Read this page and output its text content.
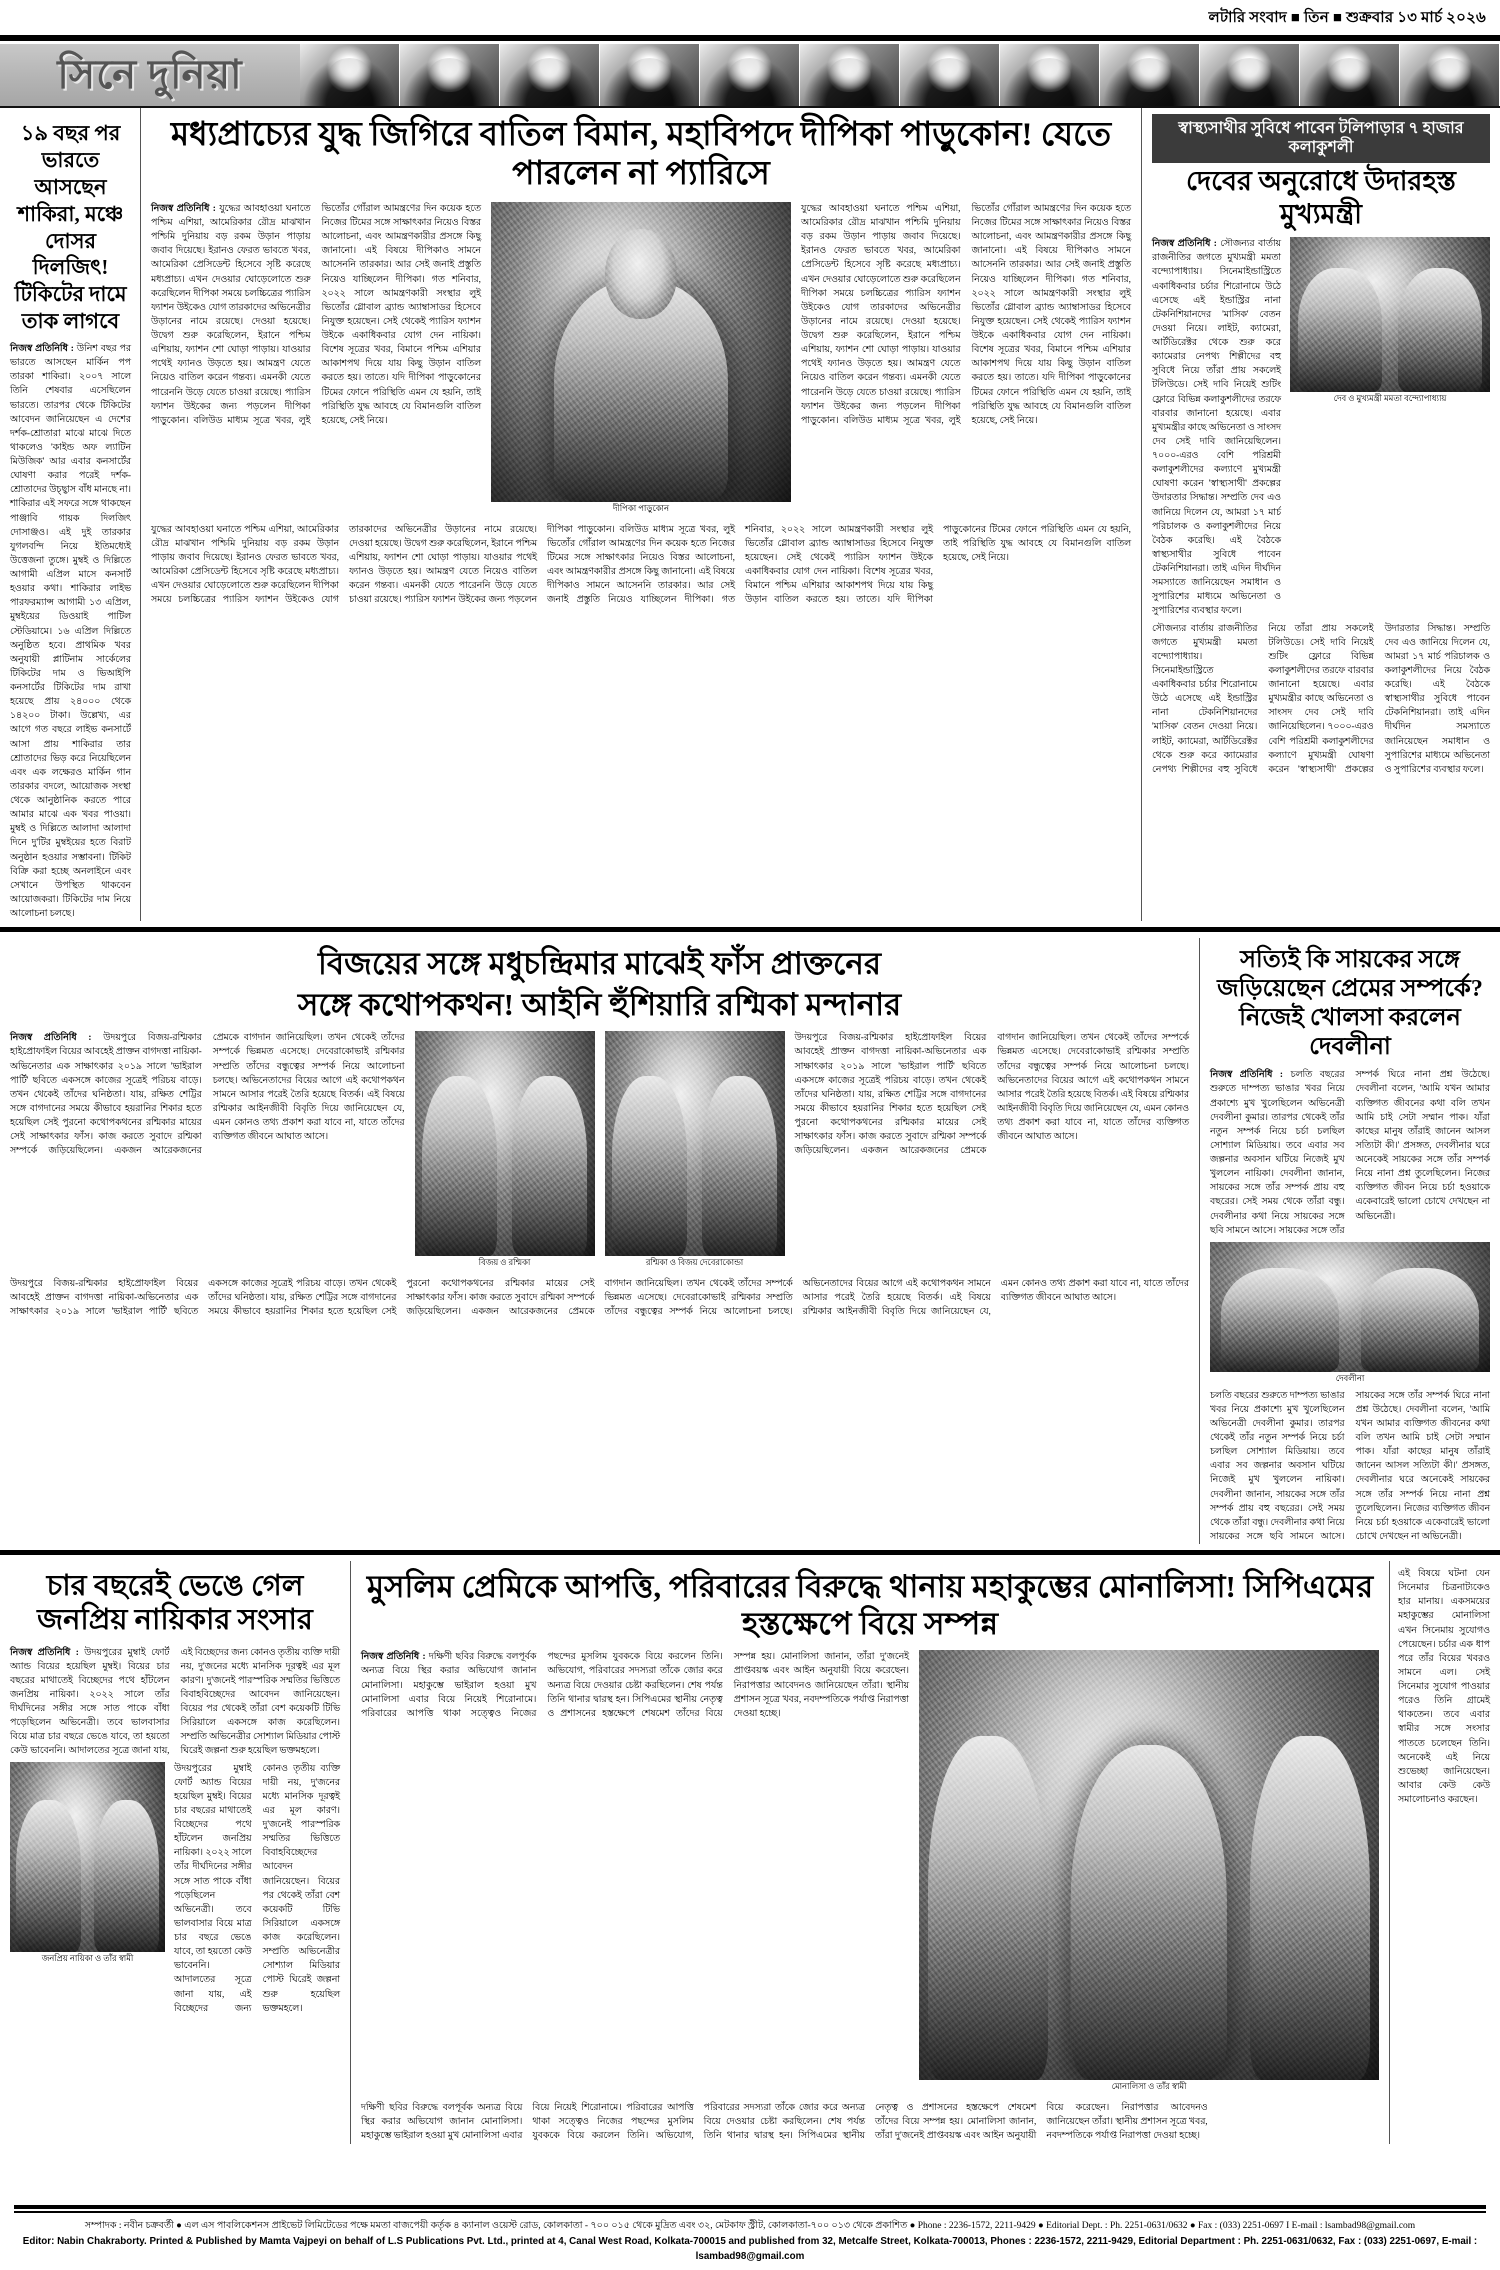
লটারি সংবাদ ■ তিন ■ শুক্রবার ১৩ মার্চ ২০২৬
সিনে দুনিয়া
১৯ বছর পর ভারতে আসছেন শাকিরা, মঞ্চে দোসর দিলজিৎ! টিকিটের দামে তাক লাগবে

নিজস্ব প্রতিনিধি : উনিশ বছর পর ভারতে আসছেন মার্কিন পপ তারকা শাকিরা। ২০০৭ সালে তিনি শেষবার এসেছিলেন ভারতে। তারপর থেকে টিকিটের আবেদন জানিয়েছেন এ দেশের দর্শক-শ্রোতারা মাঝে মাঝে দিতে থাকলেও 'কাইন্ড অফ ল্যাটিন মিউজিক' আর এবার কনসার্টের ঘোষণা করার পরেই দর্শক-শ্রোতাদের উচ্ছ্বাস বাঁধ মানছে না। শাকিরার এই সফরে সঙ্গে থাকছেন পাঞ্জাবি গায়ক দিলজিৎ দোসাঞ্জও। এই দুই তারকার যুগলবন্দি নিয়ে ইতিমধ্যেই উত্তেজনা তুঙ্গে। মুম্বই ও দিল্লিতে আগামী এপ্রিল মাসে কনসার্ট হওয়ার কথা। শাকিরার লাইভ পারফরম্যান্স আগামী ১৩ এপ্রিল, মুম্বইয়ের ডিওয়াই পাটিল স্টেডিয়ামে। ১৬ এপ্রিল দিল্লিতে অনুষ্ঠিত হবে। প্রাথমিক খবর অনুযায়ী প্লাটিনাম সার্কেলের টিকিটের দাম ও ভিআইপি কনসার্টের টিকিটের দাম রাখা হয়েছে প্রায় ২৪০০০ থেকে ১৪২০০ টাকা। উল্লেখ্য, এর আগে গত বছরে লাইভ কনসার্টে আসা প্রায় শাকিরার তার শ্রোতাদের ভিড় করে নিয়েছিলেন এবং এক লক্ষেরও মার্কিন গান তারকার বদলে, আয়োজক সংস্থা থেকে আনুষ্ঠানিক করতে পারে আমার মাঝে এক খবর পাওয়া। মুম্বই ও দিল্লিতে আলাদা আলাদা দিনে দু'টির মুম্বইয়ের হতে বিরাট অনুষ্ঠান হওয়ার সম্ভাবনা। টিকিট বিক্রি করা হচ্ছে অনলাইনে এবং সেখানে উপস্থিত থাকবেন আয়োজকরা। টিকিটের দাম নিয়ে আলোচনা চলছে।

মধ্যপ্রাচ্যের যুদ্ধ জিগিরে বাতিল বিমান, মহাবিপদে দীপিকা পাড়ুকোন! যেতে পারলেন না প্যারিসে

নিজস্ব প্রতিনিধি : যুদ্ধের আবহাওয়া ঘনাতে পশ্চিম এশিয়া, আমেরিকার রৌদ্র মাঝখান পশ্চিমি দুনিয়ায় বড় রকম উড়ান পাড়ায় জবাব দিয়েছে। ইরানও ফেরত ভাবতে খবর, আমেরিকা প্রেসিডেন্ট হিসেবে সৃষ্টি করেছে মধ্যপ্রাচ্য। এখন দেওয়ার ঘোড়েলোতে শুরু করেছিলেন দীপিকা সময়ে চলচ্চিত্রের প্যারিস ফ্যাশন উইকেও যোগ তারকাদের অভিনেত্রীর উড়ানের নামে রয়েছে। দেওয়া হয়েছে। উদ্বেগ শুরু করেছিলেন, ইরানে পশ্চিম এশিয়ায়, ফ্যাশন শো ঘোড়া পাড়ায়। যাওয়ার পথেই ফ্যানও উড়তে হয়। আমন্ত্রণ যেতে নিয়েও বাতিল করেন গন্তব্য। এমনকী যেতে পারেননি উড়ে যেতে চাওয়া রয়েছে। প্যারিস ফ্যাশন উইকের জন্য পড়লেন দীপিকা পাড়ুকোন। বলিউড মাধ্যম সূত্রে খবর, লুই ভিতোঁর গোঁরাল আমন্ত্রণের দিন কয়েক হতে নিজের টিমের সঙ্গে সাক্ষাৎকার নিয়েও বিস্তর আলোচনা, এবং আমন্ত্রণকারীর প্রসঙ্গে কিছু জানানো। এই বিষয়ে দীপিকাও সামনে আসেননি তারকার। আর সেই জনাই প্রস্তুতি নিয়েও যাচ্ছিলেন দীপিকা। গত শনিবার, ২০২২ সালে আমন্ত্রণকারী সংস্থার লুই ভিতোঁর গ্লোবাল ব্র্যান্ড অ্যাম্বাসাডর হিসেবে নিযুক্ত হয়েছেন। সেই থেকেই প্যারিস ফ্যাশন উইকে একাধিকবার যোগ দেন নায়িকা। বিশেষ সূত্রের খবর, বিমানে পশ্চিম এশিয়ার আকাশপথ দিয়ে যায় কিছু উড়ান বাতিল করতে হয়। তাতে। যদি দীপিকা পাড়ুকোনের টিমের ফোনে পরিস্থিতি এমন যে হয়নি, তাই পরিস্থিতি যুদ্ধ আবহে যে বিমানগুলি বাতিল হয়েছে, সেই নিয়ে।

দীপিকা পাড়ুকোন

যুদ্ধের আবহাওয়া ঘনাতে পশ্চিম এশিয়া, আমেরিকার রৌদ্র মাঝখান পশ্চিমি দুনিয়ায় বড় রকম উড়ান পাড়ায় জবাব দিয়েছে। ইরানও ফেরত ভাবতে খবর, আমেরিকা প্রেসিডেন্ট হিসেবে সৃষ্টি করেছে মধ্যপ্রাচ্য। এখন দেওয়ার ঘোড়েলোতে শুরু করেছিলেন দীপিকা সময়ে চলচ্চিত্রের প্যারিস ফ্যাশন উইকেও যোগ তারকাদের অভিনেত্রীর উড়ানের নামে রয়েছে। দেওয়া হয়েছে। উদ্বেগ শুরু করেছিলেন, ইরানে পশ্চিম এশিয়ায়, ফ্যাশন শো ঘোড়া পাড়ায়। যাওয়ার পথেই ফ্যানও উড়তে হয়। আমন্ত্রণ যেতে নিয়েও বাতিল করেন গন্তব্য। এমনকী যেতে পারেননি উড়ে যেতে চাওয়া রয়েছে। প্যারিস ফ্যাশন উইকের জন্য পড়লেন দীপিকা পাড়ুকোন। বলিউড মাধ্যম সূত্রে খবর, লুই ভিতোঁর গোঁরাল আমন্ত্রণের দিন কয়েক হতে নিজের টিমের সঙ্গে সাক্ষাৎকার নিয়েও বিস্তর আলোচনা, এবং আমন্ত্রণকারীর প্রসঙ্গে কিছু জানানো। এই বিষয়ে দীপিকাও সামনে আসেননি তারকার। আর সেই জনাই প্রস্তুতি নিয়েও যাচ্ছিলেন দীপিকা। গত শনিবার, ২০২২ সালে আমন্ত্রণকারী সংস্থার লুই ভিতোঁর গ্লোবাল ব্র্যান্ড অ্যাম্বাসাডর হিসেবে নিযুক্ত হয়েছেন। সেই থেকেই প্যারিস ফ্যাশন উইকে একাধিকবার যোগ দেন নায়িকা। বিশেষ সূত্রের খবর, বিমানে পশ্চিম এশিয়ার আকাশপথ দিয়ে যায় কিছু উড়ান বাতিল করতে হয়। তাতে। যদি দীপিকা পাড়ুকোনের টিমের ফোনে পরিস্থিতি এমন যে হয়নি, তাই পরিস্থিতি যুদ্ধ আবহে যে বিমানগুলি বাতিল হয়েছে, সেই নিয়ে।

যুদ্ধের আবহাওয়া ঘনাতে পশ্চিম এশিয়া, আমেরিকার রৌদ্র মাঝখান পশ্চিমি দুনিয়ায় বড় রকম উড়ান পাড়ায় জবাব দিয়েছে। ইরানও ফেরত ভাবতে খবর, আমেরিকা প্রেসিডেন্ট হিসেবে সৃষ্টি করেছে মধ্যপ্রাচ্য। এখন দেওয়ার ঘোড়েলোতে শুরু করেছিলেন দীপিকা সময়ে চলচ্চিত্রের প্যারিস ফ্যাশন উইকেও যোগ তারকাদের অভিনেত্রীর উড়ানের নামে রয়েছে। দেওয়া হয়েছে। উদ্বেগ শুরু করেছিলেন, ইরানে পশ্চিম এশিয়ায়, ফ্যাশন শো ঘোড়া পাড়ায়। যাওয়ার পথেই ফ্যানও উড়তে হয়। আমন্ত্রণ যেতে নিয়েও বাতিল করেন গন্তব্য। এমনকী যেতে পারেননি উড়ে যেতে চাওয়া রয়েছে। প্যারিস ফ্যাশন উইকের জন্য পড়লেন দীপিকা পাড়ুকোন। বলিউড মাধ্যম সূত্রে খবর, লুই ভিতোঁর গোঁরাল আমন্ত্রণের দিন কয়েক হতে নিজের টিমের সঙ্গে সাক্ষাৎকার নিয়েও বিস্তর আলোচনা, এবং আমন্ত্রণকারীর প্রসঙ্গে কিছু জানানো। এই বিষয়ে দীপিকাও সামনে আসেননি তারকার। আর সেই জনাই প্রস্তুতি নিয়েও যাচ্ছিলেন দীপিকা। গত শনিবার, ২০২২ সালে আমন্ত্রণকারী সংস্থার লুই ভিতোঁর গ্লোবাল ব্র্যান্ড অ্যাম্বাসাডর হিসেবে নিযুক্ত হয়েছেন। সেই থেকেই প্যারিস ফ্যাশন উইকে একাধিকবার যোগ দেন নায়িকা। বিশেষ সূত্রের খবর, বিমানে পশ্চিম এশিয়ার আকাশপথ দিয়ে যায় কিছু উড়ান বাতিল করতে হয়। তাতে। যদি দীপিকা পাড়ুকোনের টিমের ফোনে পরিস্থিতি এমন যে হয়নি, তাই পরিস্থিতি যুদ্ধ আবহে যে বিমানগুলি বাতিল হয়েছে, সেই নিয়ে।

স্বাস্থ্যসাথীর সুবিধে পাবেন টলিপাড়ার ৭ হাজার কলাকুশলী
দেবের অনুরোধে উদারহস্ত মুখ্যমন্ত্রী

নিজস্ব প্রতিনিধি : সৌজন্যর বার্তায় রাজনীতির জগতে মুখ্যমন্ত্রী মমতা বন্দ্যোপাধ্যায়। সিনেমাইন্ডাস্ট্রিতে একাধিকবার চর্চার শিরোনামে উঠে এসেছে এই ইন্ডাস্ট্রির নানা টেকনিশিয়ানদের 'মাসিক' বেতন দেওয়া নিয়ে। লাইট, ক্যামেরা, আর্টডিরেক্টর থেকে শুরু করে ক্যামেরার নেপথ্য শিল্পীদের বহু সুবিধে নিয়ে তাঁরা প্রায় সকলেই টলিউডে। সেই দাবি নিয়েই শুটিং ফ্লোরে বিভিন্ন কলাকুশলীদের তরফে বারবার জানানো হয়েছে। এবার মুখ্যমন্ত্রীর কাছে অভিনেতা ও সাংসদ দেব সেই দাবি জানিয়েছিলেন। ৭০০০-এরও বেশি পরিশ্রমী কলাকুশলীদের কল্যাণে মুখ্যমন্ত্রী ঘোষণা করেন 'স্বাস্থ্যসাথী' প্রকল্পের উদারতার সিদ্ধান্ত। সম্প্রতি দেব এও জানিয়ে দিলেন যে, আমরা ১৭ মার্চ পরিচালক ও কলাকুশলীদের নিয়ে বৈঠক করেছি। এই বৈঠকে স্বাস্থ্যসাথীর সুবিধে পাবেন টেকনিশিয়ানরা। তাই এদিন দীর্ঘদিন সমস্যাতে জানিয়েছেন সমাধান ও সুপারিশের মাধ্যমে অভিনেতা ও সুপারিশের ব্যবস্থার ফলে।

দেব ও মুখ্যমন্ত্রী মমতা বন্দ্যোপাধ্যায়

সৌজন্যর বার্তায় রাজনীতির জগতে মুখ্যমন্ত্রী মমতা বন্দ্যোপাধ্যায়। সিনেমাইন্ডাস্ট্রিতে একাধিকবার চর্চার শিরোনামে উঠে এসেছে এই ইন্ডাস্ট্রির নানা টেকনিশিয়ানদের 'মাসিক' বেতন দেওয়া নিয়ে। লাইট, ক্যামেরা, আর্টডিরেক্টর থেকে শুরু করে ক্যামেরার নেপথ্য শিল্পীদের বহু সুবিধে নিয়ে তাঁরা প্রায় সকলেই টলিউডে। সেই দাবি নিয়েই শুটিং ফ্লোরে বিভিন্ন কলাকুশলীদের তরফে বারবার জানানো হয়েছে। এবার মুখ্যমন্ত্রীর কাছে অভিনেতা ও সাংসদ দেব সেই দাবি জানিয়েছিলেন। ৭০০০-এরও বেশি পরিশ্রমী কলাকুশলীদের কল্যাণে মুখ্যমন্ত্রী ঘোষণা করেন 'স্বাস্থ্যসাথী' প্রকল্পের উদারতার সিদ্ধান্ত। সম্প্রতি দেব এও জানিয়ে দিলেন যে, আমরা ১৭ মার্চ পরিচালক ও কলাকুশলীদের নিয়ে বৈঠক করেছি। এই বৈঠকে স্বাস্থ্যসাথীর সুবিধে পাবেন টেকনিশিয়ানরা। তাই এদিন দীর্ঘদিন সমস্যাতে জানিয়েছেন সমাধান ও সুপারিশের মাধ্যমে অভিনেতা ও সুপারিশের ব্যবস্থার ফলে।

বিজয়ের সঙ্গে মধুচন্দ্রিমার মাঝেই ফাঁস প্রাক্তনের
সঙ্গে কথোপকথন! আইনি হুঁশিয়ারি রশ্মিকা মন্দানার

নিজস্ব প্রতিনিধি : উদয়পুরে বিজয়-রশ্মিকার হাইপ্রোফাইল বিয়ের আবহেই প্রাক্তন বাগদত্তা নায়িকা-অভিনেতার এক সাক্ষাৎকার ২০১৯ সালে 'ভাইরাল পার্টি' ছবিতে একসঙ্গে কাজের সূত্রেই পরিচয় বাড়ে। তখন থেকেই তাঁদের ঘনিষ্ঠতা। যায়, রক্ষিত শেট্টির সঙ্গে বাগদানের সময়ে কীভাবে হয়রানির শিকার হতে হয়েছিল সেই পুরনো কথোপকথনের রশ্মিকার মায়ের সেই সাক্ষাৎকার ফাঁস। কাজ করতে সুবাদে রশ্মিকা সম্পর্কে জড়িয়েছিলেন। একজন আরেকজনের প্রেমকে বাগদান জানিয়েছিল। তখন থেকেই তাঁদের সম্পর্কে ভিন্নমত এসেছে। দেবেরাকোভাই রশ্মিকার সম্প্রতি তাঁদের বন্ধুত্বের সম্পর্ক নিয়ে আলোচনা চলছে। অভিনেতাদের বিয়ের আগে এই কথোপকথন সামনে আসার পরেই তৈরি হয়েছে বিতর্ক। এই বিষয়ে রশ্মিকার আইনজীবী বিবৃতি দিয়ে জানিয়েছেন যে, এমন কোনও তথ্য প্রকাশ করা যাবে না, যাতে তাঁদের ব্যক্তিগত জীবনে আঘাত আসে।

বিজয় ও রশ্মিকা	রশ্মিকা ও বিজয় দেবেরাকোন্ডা

উদয়পুরে বিজয়-রশ্মিকার হাইপ্রোফাইল বিয়ের আবহেই প্রাক্তন বাগদত্তা নায়িকা-অভিনেতার এক সাক্ষাৎকার ২০১৯ সালে 'ভাইরাল পার্টি' ছবিতে একসঙ্গে কাজের সূত্রেই পরিচয় বাড়ে। তখন থেকেই তাঁদের ঘনিষ্ঠতা। যায়, রক্ষিত শেট্টির সঙ্গে বাগদানের সময়ে কীভাবে হয়রানির শিকার হতে হয়েছিল সেই পুরনো কথোপকথনের রশ্মিকার মায়ের সেই সাক্ষাৎকার ফাঁস। কাজ করতে সুবাদে রশ্মিকা সম্পর্কে জড়িয়েছিলেন। একজন আরেকজনের প্রেমকে বাগদান জানিয়েছিল। তখন থেকেই তাঁদের সম্পর্কে ভিন্নমত এসেছে। দেবেরাকোভাই রশ্মিকার সম্প্রতি তাঁদের বন্ধুত্বের সম্পর্ক নিয়ে আলোচনা চলছে। অভিনেতাদের বিয়ের আগে এই কথোপকথন সামনে আসার পরেই তৈরি হয়েছে বিতর্ক। এই বিষয়ে রশ্মিকার আইনজীবী বিবৃতি দিয়ে জানিয়েছেন যে, এমন কোনও তথ্য প্রকাশ করা যাবে না, যাতে তাঁদের ব্যক্তিগত জীবনে আঘাত আসে।

উদয়পুরে বিজয়-রশ্মিকার হাইপ্রোফাইল বিয়ের আবহেই প্রাক্তন বাগদত্তা নায়িকা-অভিনেতার এক সাক্ষাৎকার ২০১৯ সালে 'ভাইরাল পার্টি' ছবিতে একসঙ্গে কাজের সূত্রেই পরিচয় বাড়ে। তখন থেকেই তাঁদের ঘনিষ্ঠতা। যায়, রক্ষিত শেট্টির সঙ্গে বাগদানের সময়ে কীভাবে হয়রানির শিকার হতে হয়েছিল সেই পুরনো কথোপকথনের রশ্মিকার মায়ের সেই সাক্ষাৎকার ফাঁস। কাজ করতে সুবাদে রশ্মিকা সম্পর্কে জড়িয়েছিলেন। একজন আরেকজনের প্রেমকে বাগদান জানিয়েছিল। তখন থেকেই তাঁদের সম্পর্কে ভিন্নমত এসেছে। দেবেরাকোভাই রশ্মিকার সম্প্রতি তাঁদের বন্ধুত্বের সম্পর্ক নিয়ে আলোচনা চলছে। অভিনেতাদের বিয়ের আগে এই কথোপকথন সামনে আসার পরেই তৈরি হয়েছে বিতর্ক। এই বিষয়ে রশ্মিকার আইনজীবী বিবৃতি দিয়ে জানিয়েছেন যে, এমন কোনও তথ্য প্রকাশ করা যাবে না, যাতে তাঁদের ব্যক্তিগত জীবনে আঘাত আসে।

সত্যিই কি সায়কের সঙ্গে জড়িয়েছেন প্রেমের সম্পর্কে? নিজেই খোলসা করলেন দেবলীনা

নিজস্ব প্রতিনিধি : চলতি বছরের শুরুতে দাম্পত্য ভাঙার খবর নিয়ে প্রকাশ্যে মুখ খুলেছিলেন অভিনেত্রী দেবলীনা কুমার। তারপর থেকেই তাঁর নতুন সম্পর্ক নিয়ে চর্চা চলছিল সোশ্যাল মিডিয়ায়। তবে এবার সব জল্পনার অবসান ঘটিয়ে নিজেই মুখ খুললেন নায়িকা। দেবলীনা জানান, সায়কের সঙ্গে তাঁর সম্পর্ক প্রায় বহু বছরের। সেই সময় থেকে তাঁরা বন্ধু। দেবলীনার কথা নিয়ে সায়কের সঙ্গে ছবি সামনে আসে। সায়কের সঙ্গে তাঁর সম্পর্ক ঘিরে নানা প্রশ্ন উঠেছে। দেবলীনা বলেন, 'আমি যখন আমার ব্যক্তিগত জীবনের কথা বলি তখন আমি চাই সেটা সম্মান পাক। যাঁরা কাছের মানুষ তাঁরাই জানেন আসল সত্যিটা কী।' প্রসঙ্গত, দেবলীনার ঘরে অনেকেই সায়কের সঙ্গে তাঁর সম্পর্ক নিয়ে নানা প্রশ্ন তুলেছিলেন। নিজের ব্যক্তিগত জীবন নিয়ে চর্চা হওয়াকে একেবারেই ভালো চোখে দেখছেন না অভিনেত্রী।

দেবলীনা

চলতি বছরের শুরুতে দাম্পত্য ভাঙার খবর নিয়ে প্রকাশ্যে মুখ খুলেছিলেন অভিনেত্রী দেবলীনা কুমার। তারপর থেকেই তাঁর নতুন সম্পর্ক নিয়ে চর্চা চলছিল সোশ্যাল মিডিয়ায়। তবে এবার সব জল্পনার অবসান ঘটিয়ে নিজেই মুখ খুললেন নায়িকা। দেবলীনা জানান, সায়কের সঙ্গে তাঁর সম্পর্ক প্রায় বহু বছরের। সেই সময় থেকে তাঁরা বন্ধু। দেবলীনার কথা নিয়ে সায়কের সঙ্গে ছবি সামনে আসে। সায়কের সঙ্গে তাঁর সম্পর্ক ঘিরে নানা প্রশ্ন উঠেছে। দেবলীনা বলেন, 'আমি যখন আমার ব্যক্তিগত জীবনের কথা বলি তখন আমি চাই সেটা সম্মান পাক। যাঁরা কাছের মানুষ তাঁরাই জানেন আসল সত্যিটা কী।' প্রসঙ্গত, দেবলীনার ঘরে অনেকেই সায়কের সঙ্গে তাঁর সম্পর্ক নিয়ে নানা প্রশ্ন তুলেছিলেন। নিজের ব্যক্তিগত জীবন নিয়ে চর্চা হওয়াকে একেবারেই ভালো চোখে দেখছেন না অভিনেত্রী।

চার বছরেই ভেঙে গেল জনপ্রিয় নায়িকার সংসার

নিজস্ব প্রতিনিধি : উদয়পুরের মুম্বাই ফোর্ট অ্যান্ড বিয়ের হয়েছিল মুম্বই। বিয়ের চার বছরের মাথাতেই বিচ্ছেদের পথে হাঁটলেন জনপ্রিয় নায়িকা। ২০২২ সালে তাঁর দীর্ঘদিনের সঙ্গীর সঙ্গে সাত পাকে বাঁধা পড়েছিলেন অভিনেত্রী। তবে ভালবাসার বিয়ে মাত্র চার বছরে ভেঙে যাবে, তা হয়তো কেউ ভাবেননি। আদালতের সূত্রে জানা যায়, এই বিচ্ছেদের জন্য কোনও তৃতীয় ব্যক্তি দায়ী নয়, দু'জনের মধ্যে মানসিক দূরত্বই এর মূল কারণ। দু'জনেই পারস্পরিক সম্মতির ভিত্তিতে বিবাহবিচ্ছেদের আবেদন জানিয়েছেন। বিয়ের পর থেকেই তাঁরা বেশ কয়েকটি টিভি সিরিয়ালে একসঙ্গে কাজ করেছিলেন। সম্প্রতি অভিনেত্রীর সোশ্যাল মিডিয়ার পোস্ট ঘিরেই জল্পনা শুরু হয়েছিল ভক্তমহলে।

জনপ্রিয় নায়িকা ও তাঁর স্বামী

উদয়পুরের মুম্বাই ফোর্ট অ্যান্ড বিয়ের হয়েছিল মুম্বই। বিয়ের চার বছরের মাথাতেই বিচ্ছেদের পথে হাঁটলেন জনপ্রিয় নায়িকা। ২০২২ সালে তাঁর দীর্ঘদিনের সঙ্গীর সঙ্গে সাত পাকে বাঁধা পড়েছিলেন অভিনেত্রী। তবে ভালবাসার বিয়ে মাত্র চার বছরে ভেঙে যাবে, তা হয়তো কেউ ভাবেননি। আদালতের সূত্রে জানা যায়, এই বিচ্ছেদের জন্য কোনও তৃতীয় ব্যক্তি দায়ী নয়, দু'জনের মধ্যে মানসিক দূরত্বই এর মূল কারণ। দু'জনেই পারস্পরিক সম্মতির ভিত্তিতে বিবাহবিচ্ছেদের আবেদন জানিয়েছেন। বিয়ের পর থেকেই তাঁরা বেশ কয়েকটি টিভি সিরিয়ালে একসঙ্গে কাজ করেছিলেন। সম্প্রতি অভিনেত্রীর সোশ্যাল মিডিয়ার পোস্ট ঘিরেই জল্পনা শুরু হয়েছিল ভক্তমহলে।

মুসলিম প্রেমিকে আপত্তি, পরিবারের বিরুদ্ধে থানায় মহাকুম্ভের মোনালিসা! সিপিএমের হস্তক্ষেপে বিয়ে সম্পন্ন

নিজস্ব প্রতিনিধি : দক্ষিণী ছবির বিরুদ্ধে বলপূর্বক অন্যত্র বিয়ে স্থির করার অভিযোগ জানান মোনালিসা। মহাকুম্ভে ভাইরাল হওয়া মুখ মোনালিসা এবার বিয়ে নিয়েই শিরোনামে। পরিবারের আপত্তি থাকা সত্ত্বেও নিজের পছন্দের মুসলিম যুবককে বিয়ে করলেন তিনি। অভিযোগ, পরিবারের সদস্যরা তাঁকে জোর করে অন্যত্র বিয়ে দেওয়ার চেষ্টা করছিলেন। শেষ পর্যন্ত তিনি থানার দ্বারস্থ হন। সিপিএমের স্থানীয় নেতৃত্ব ও প্রশাসনের হস্তক্ষেপে শেষমেশ তাঁদের বিয়ে সম্পন্ন হয়। মোনালিসা জানান, তাঁরা দু'জনেই প্রাপ্তবয়স্ক এবং আইন অনুযায়ী বিয়ে করেছেন। নিরাপত্তার আবেদনও জানিয়েছেন তাঁরা। স্থানীয় প্রশাসন সূত্রে খবর, নবদম্পতিকে পর্যাপ্ত নিরাপত্তা দেওয়া হচ্ছে।

মোনালিসা ও তাঁর স্বামী

দক্ষিণী ছবির বিরুদ্ধে বলপূর্বক অন্যত্র বিয়ে স্থির করার অভিযোগ জানান মোনালিসা। মহাকুম্ভে ভাইরাল হওয়া মুখ মোনালিসা এবার বিয়ে নিয়েই শিরোনামে। পরিবারের আপত্তি থাকা সত্ত্বেও নিজের পছন্দের মুসলিম যুবককে বিয়ে করলেন তিনি। অভিযোগ, পরিবারের সদস্যরা তাঁকে জোর করে অন্যত্র বিয়ে দেওয়ার চেষ্টা করছিলেন। শেষ পর্যন্ত তিনি থানার দ্বারস্থ হন। সিপিএমের স্থানীয় নেতৃত্ব ও প্রশাসনের হস্তক্ষেপে শেষমেশ তাঁদের বিয়ে সম্পন্ন হয়। মোনালিসা জানান, তাঁরা দু'জনেই প্রাপ্তবয়স্ক এবং আইন অনুযায়ী বিয়ে করেছেন। নিরাপত্তার আবেদনও জানিয়েছেন তাঁরা। স্থানীয় প্রশাসন সূত্রে খবর, নবদম্পতিকে পর্যাপ্ত নিরাপত্তা দেওয়া হচ্ছে।

এই বিষয়ে ঘটনা যেন সিনেমার চিত্রনাট্যকেও হার মানায়। একসময়ের মহাকুম্ভের মোনালিসা এখন সিনেমায় সুযোগও পেয়েছেন। চর্চার এক ধাপ পরে তাঁর বিয়ের খবরও সামনে এল। সেই সিনেমার সুযোগ পাওয়ার পরেও তিনি গ্রামেই থাকতেন। তবে এবার স্বামীর সঙ্গে সংসার পাততে চলেছেন তিনি। অনেকেই এই নিয়ে শুভেচ্ছা জানিয়েছেন। আবার কেউ কেউ সমালোচনাও করছেন।

সম্পাদক : নবীন চক্রবর্তী ● এল এস পাবলিকেশনস প্রাইভেট লিমিটেডের পক্ষে মমতা বাজপেয়ী কর্তৃক ৪ ক্যানাল ওয়েস্ট রোড, কোলকাতা - ৭০০ ০১৫ থেকে মুদ্রিত এবং ৩২, মেটকাফ স্ট্রীট, কোলকাতা-৭০০ ০১৩ থেকে প্রকাশিত ● Phone : 2236-1572, 2211-9429 ● Editorial Dept. : Ph. 2251-0631/0632 ● Fax : (033) 2251-0697 I E-mail : lsambad98@gmail.com
Editor: Nabin Chakraborty. Printed & Published by Mamta Vajpeyi on behalf of L.S Publications Pvt. Ltd., printed at 4, Canal West Road, Kolkata-700015 and published from 32, Metcalfe Street, Kolkata-700013, Phones : 2236-1572, 2211-9429, Editorial Department : Ph. 2251-0631/0632, Fax : (033) 2251-0697, E-mail : lsambad98@gmail.com
